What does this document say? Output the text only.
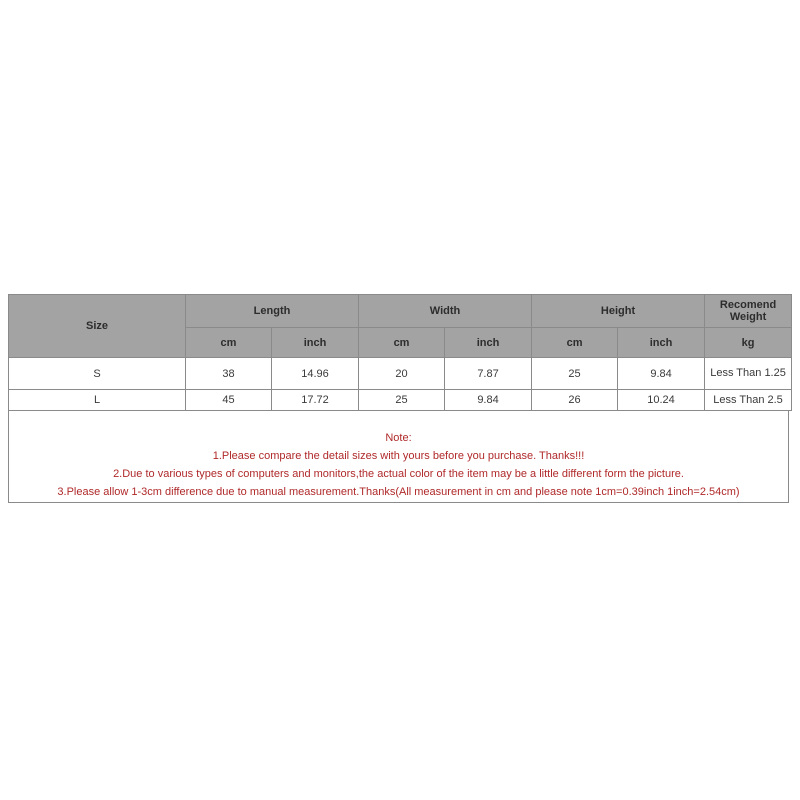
Size	Length		Width		Height		Recomend Weight
	cm	inch	cm	inch	cm	inch	kg
S	38	14.96	20	7.87	25	9.84	Less Than 1.25
L	45	17.72	25	9.84	26	10.24	Less Than 2.5
Note:
1.Please compare the detail sizes with yours before you purchase. Thanks!!!
2.Due to various types of computers and monitors,the actual color of the item may be a little different form the picture.
3.Please allow 1-3cm difference due to manual measurement.Thanks(All measurement in cm and please note 1cm=0.39inch 1inch=2.54cm)
